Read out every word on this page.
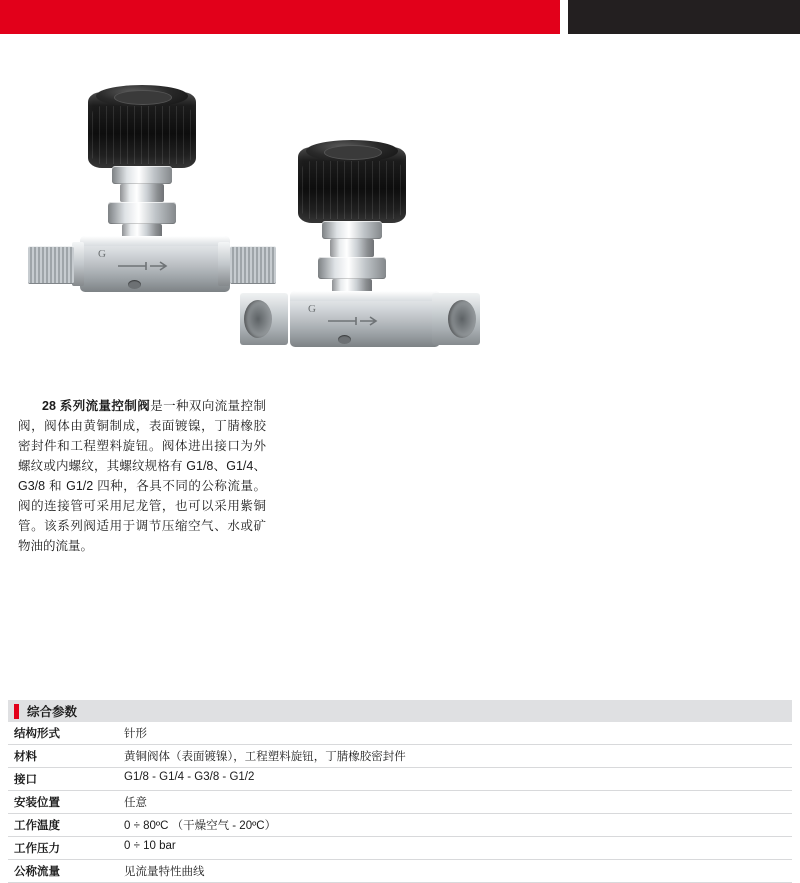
G
G
28 系列流量控制阀是一种双向流量控制阀，阀体由黄铜制成，表面镀镍，丁腈橡胶密封件和工程塑料旋钮。阀体进出接口为外螺纹或内螺纹，其螺纹规格有 G1/8、G1/4、G3/8 和 G1/2 四种，各具不同的公称流量。阀的连接管可采用尼龙管，也可以采用紫铜管。该系列阀适用于调节压缩空气、水或矿物油的流量。
综合参数
结构形式	针形
材料	黄铜阀体（表面镀镍），工程塑料旋钮，丁腈橡胶密封件
接口	G1/8 - G1/4 - G3/8 - G1/2
安装位置	任意
工作温度	0 ÷ 80ºC （干燥空气 - 20ºC）
工作压力	0 ÷ 10 bar
公称流量	见流量特性曲线
